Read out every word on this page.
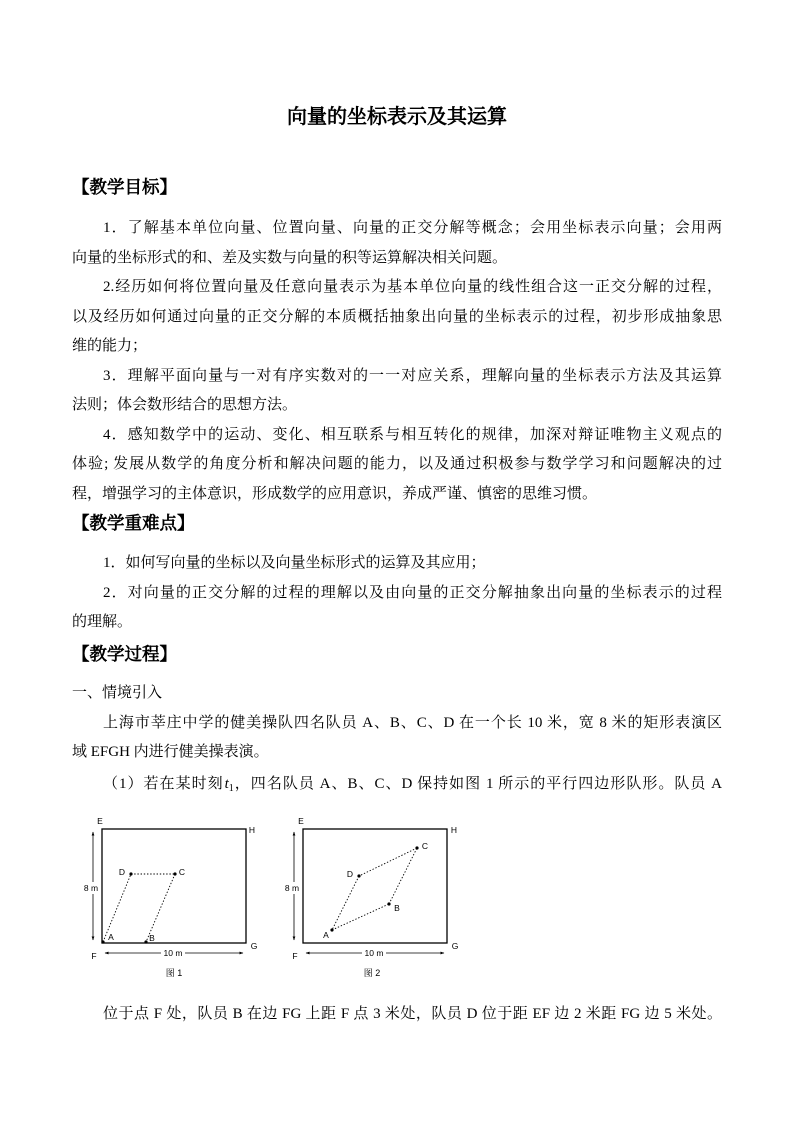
向量的坐标表示及其运算
【教学目标】
1．了解基本单位向量、位置向量、向量的正交分解等概念；会用坐标表示向量；会用两
向量的坐标形式的和、差及实数与向量的积等运算解决相关问题。
2.经历如何将位置向量及任意向量表示为基本单位向量的线性组合这一正交分解的过程，
以及经历如何通过向量的正交分解的本质概括抽象出向量的坐标表示的过程，初步形成抽象思
维的能力；
3．理解平面向量与一对有序实数对的一一对应关系，理解向量的坐标表示方法及其运算
法则；体会数形结合的思想方法。
4．感知数学中的运动、变化、相互联系与相互转化的规律，加深对辩证唯物主义观点的
体验; 发展从数学的角度分析和解决问题的能力，以及通过积极参与数学学习和问题解决的过
程，增强学习的主体意识，形成数学的应用意识，养成严谨、慎密的思维习惯。
【教学重难点】
1．如何写向量的坐标以及向量坐标形式的运算及其应用；
2．对向量的正交分解的过程的理解以及由向量的正交分解抽象出向量的坐标表示的过程
的理解。
【教学过程】
一、情境引入
上海市莘庄中学的健美操队四名队员 A、B、C、D 在一个长 10 米，宽 8 米的矩形表演区
域 EFGH 内进行健美操表演。
（1）若在某时刻$t_1$，四名队员 A、B、C、D 保持如图 1 所示的平行四边形队形。队员 A
E
H
F
G
8 m
10 m
A	B
C
D
图 1
E
H
F
G
8 m
10 m
A
B
C
D
图 2
位于点 F 处，队员 B 在边 FG 上距 F 点 3 米处，队员 D 位于距 EF 边 2 米距 FG 边 5 米处。
